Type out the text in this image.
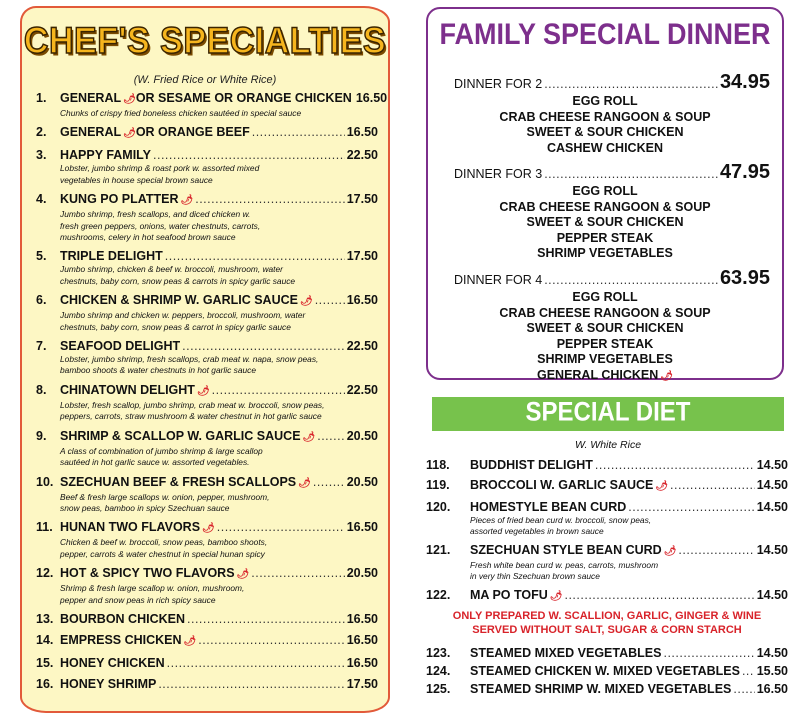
CHEF'S SPECIALTIES
(W. Fried Rice or White Rice)
1.	GENERAL 🌶︎ OR SESAME OR ORANGE CHICKEN 16.50
Chunks of crispy fried boneless chicken sautéed in special sauce
2.	GENERAL 🌶︎ OR ORANGE BEEF .....	16.50
3.	HAPPY FAMILY .....	22.50
Lobster, jumbo shrimp & roast pork w. assorted mixed
vegetables in house special brown sauce
4.	KUNG PO PLATTER 🌶︎ .....	17.50
Jumbo shrimp, fresh scallops, and diced chicken w.
fresh green peppers, onions, water chestnuts, carrots,
mushrooms, celery in hot seafood brown sauce
5.	TRIPLE DELIGHT .....	17.50
Jumbo shrimp, chicken & beef w. broccoli, mushroom, water
chestnuts, baby corn, snow peas & carrots in spicy garlic sauce
6.	CHICKEN & SHRIMP W. GARLIC SAUCE 🌶︎ .....	16.50
Jumbo shrimp and chicken w. peppers, broccoli, mushroom, water
chestnuts, baby corn, snow peas & carrot in spicy garlic sauce
7.	SEAFOOD DELIGHT .....	22.50
Lobster, jumbo shrimp, fresh scallops, crab meat w. napa, snow peas,
bamboo shoots & water chestnuts in hot garlic sauce
8.	CHINATOWN DELIGHT 🌶︎ .....	22.50
Lobster, fresh scallop, jumbo shrimp, crab meat w. broccoli, snow peas,
peppers, carrots, straw mushroom & water chestnut in hot garlic sauce
9.	SHRIMP & SCALLOP W. GARLIC SAUCE 🌶︎ .....	20.50
A class of combination of jumbo shrimp & large scallop
sautéed in hot garlic sauce w. assorted vegetables.
10. SZECHUAN BEEF & FRESH SCALLOPS 🌶︎ .....	20.50
Beef & fresh large scallops w. onion, pepper, mushroom,
snow peas, bamboo in spicy Szechuan sauce
11. HUNAN TWO FLAVORS 🌶︎ .....	16.50
Chicken & beef w. broccoli, snow peas, bamboo shoots,
pepper, carrots & water chestnut in special hunan spicy
12. HOT & SPICY TWO FLAVORS 🌶︎ .....	20.50
Shrimp & fresh large scallop w. onion, mushroom,
pepper and snow peas in rich spicy sauce
13. BOURBON CHICKEN .....	16.50
14. EMPRESS CHICKEN 🌶︎ .....	16.50
15. HONEY CHICKEN .....	16.50
16. HONEY SHRIMP .....	17.50
FAMILY SPECIAL DINNER
DINNER FOR 2 .....	34.95
EGG ROLL
CRAB CHEESE RANGOON & SOUP
SWEET & SOUR CHICKEN
CASHEW CHICKEN
DINNER FOR 3 .....	47.95
EGG ROLL
CRAB CHEESE RANGOON & SOUP
SWEET & SOUR CHICKEN
PEPPER STEAK
SHRIMP VEGETABLES
DINNER FOR 4 .....	63.95
EGG ROLL
CRAB CHEESE RANGOON & SOUP
SWEET & SOUR CHICKEN
PEPPER STEAK
SHRIMP VEGETABLES
GENERAL CHICKEN 🌶︎
SPECIAL DIET
W. White Rice
118.	BUDDHIST DELIGHT .....	14.50
119.	BROCCOLI W. GARLIC SAUCE 🌶︎ .....	14.50
120.	HOMESTYLE BEAN CURD .....	14.50
Pieces of fried bean curd w. broccoli, snow peas,
assorted vegetables in brown sauce
121.	SZECHUAN STYLE BEAN CURD 🌶︎ .....	14.50
Fresh white bean curd w. peas, carrots, mushroom
in very thin Szechuan brown sauce
122.	MA PO TOFU 🌶︎ .....	14.50
ONLY PREPARED W. SCALLION, GARLIC, GINGER & WINE
SERVED WITHOUT SALT, SUGAR & CORN STARCH
123.	STEAMED MIXED VEGETABLES .....	14.50
124.	STEAMED CHICKEN W. MIXED VEGETABLES ..... 15.50
125.	STEAMED SHRIMP W. MIXED VEGETABLES ..... 16.50
